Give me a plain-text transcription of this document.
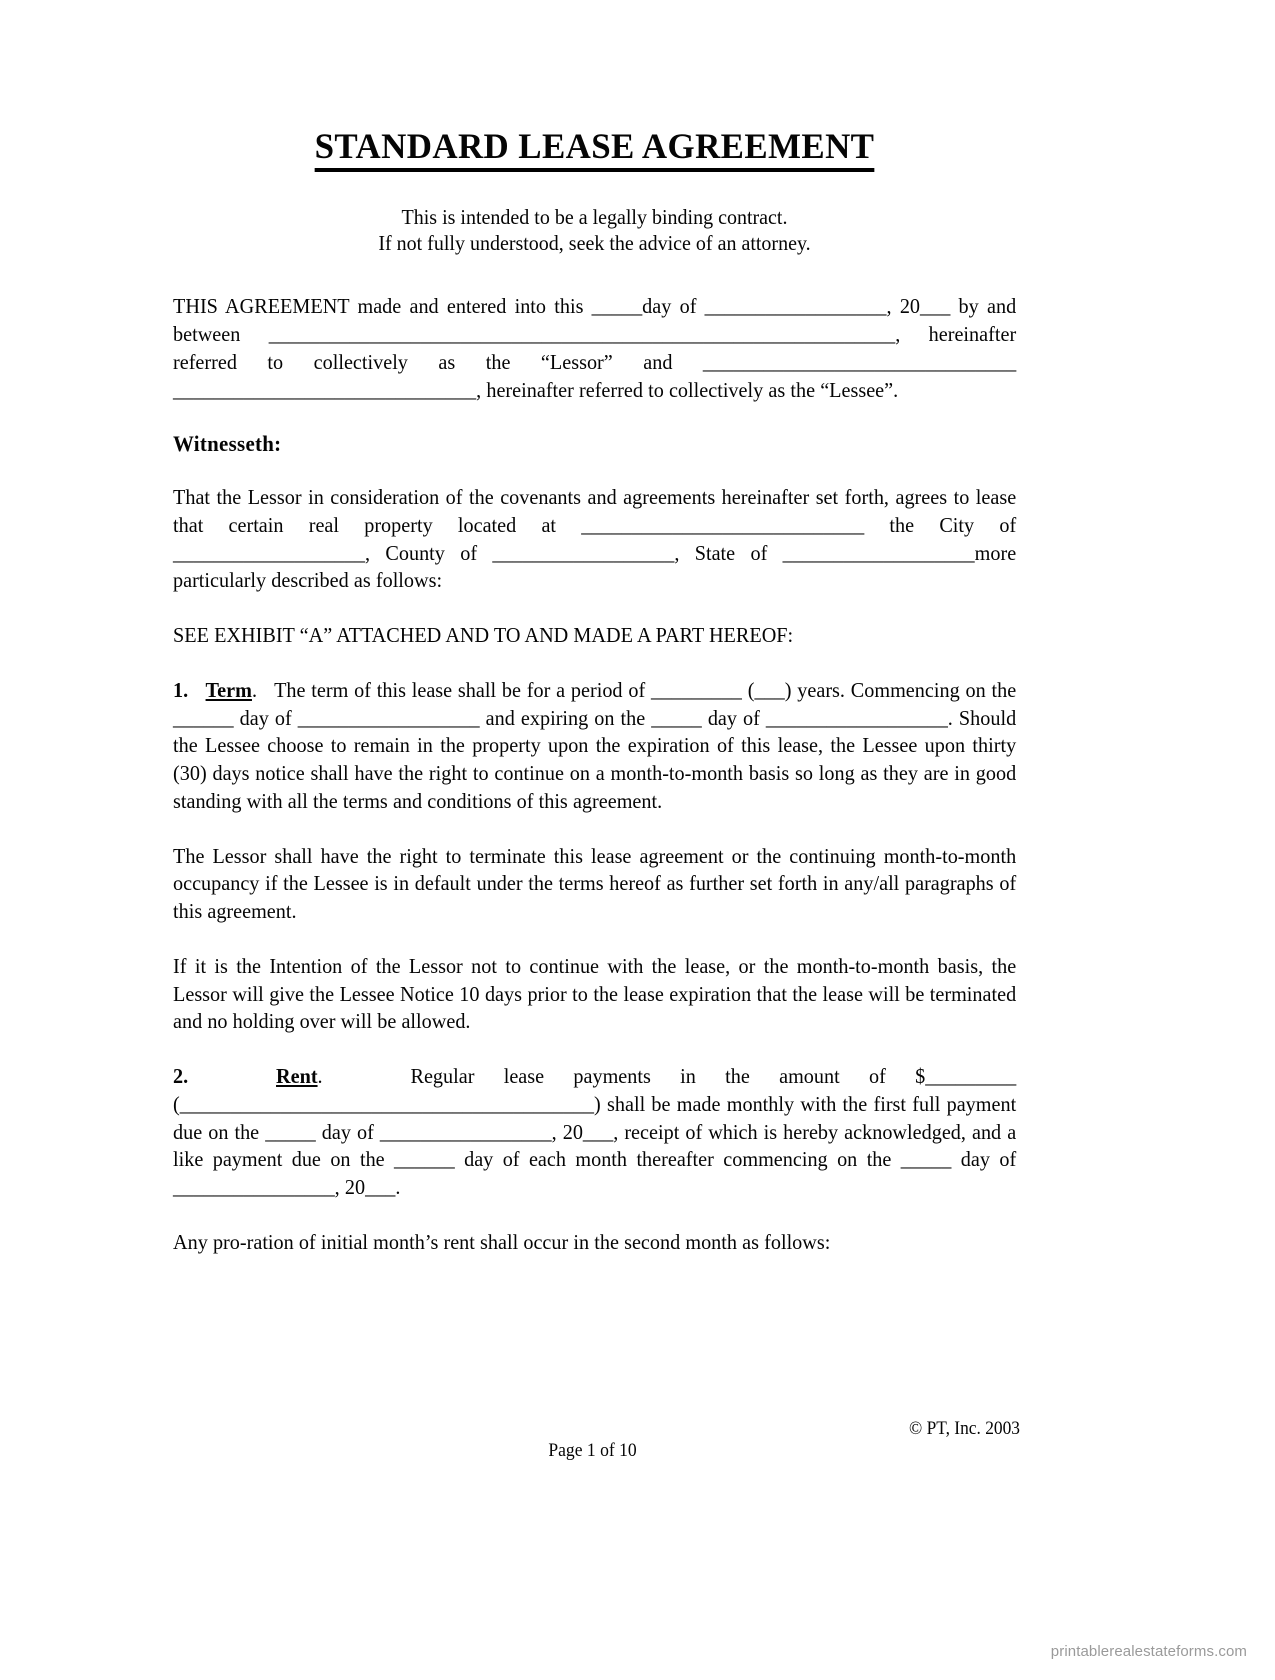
STANDARD LEASE AGREEMENT
This is intended to be a legally binding contract.
If not fully understood, seek the advice of an attorney.

THIS AGREEMENT made and entered into this _____day of __________________, 20___ by and between ______________________________________________________________, hereinafter referred to collectively as the “Lessor” and _______________________________ ______________________________, hereinafter referred to collectively as the “Lessee”.

Witnesseth:

That the Lessor in consideration of the covenants and agreements hereinafter set forth, agrees to lease that certain real property located at ____________________________ the City of ___________________, County of __________________, State of ___________________more particularly described as follows:

SEE EXHIBIT “A” ATTACHED AND TO AND MADE A PART HEREOF:

1. Term. The term of this lease shall be for a period of _________ (___) years. Commencing on the ______ day of __________________ and expiring on the _____ day of __________________. Should the Lessee choose to remain in the property upon the expiration of this lease, the Lessee upon thirty (30) days notice shall have the right to continue on a month-to-month basis so long as they are in good standing with all the terms and conditions of this agreement.

The Lessor shall have the right to terminate this lease agreement or the continuing month-to-month occupancy if the Lessee is in default under the terms hereof as further set forth in any/all paragraphs of this agreement.

If it is the Intention of the Lessor not to continue with the lease, or the month-to-month basis, the Lessor will give the Lessee Notice 10 days prior to the lease expiration that the lease will be terminated and no holding over will be allowed.

2.	Rent.	Regular lease payments in the amount of $_________ (_________________________________________) shall be made monthly with the first full payment due on the _____ day of _________________, 20___, receipt of which is hereby acknowledged, and a like payment due on the ______ day of each month thereafter commencing on the _____ day of ________________, 20___.

Any pro-ration of initial month’s rent shall occur in the second month as follows:

© PT, Inc. 2003
Page 1 of 10
printablerealestateforms.com
